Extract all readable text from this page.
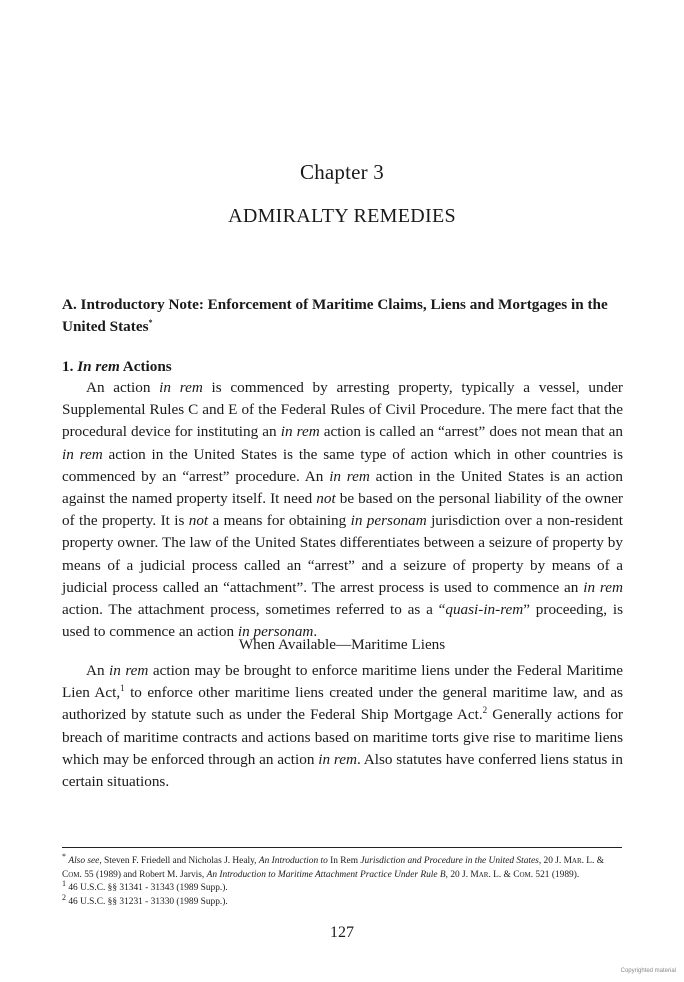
Chapter 3
ADMIRALTY REMEDIES
A. Introductory Note: Enforcement of Maritime Claims, Liens and Mortgages in the United States*
1. In rem Actions
An action in rem is commenced by arresting property, typically a vessel, under Supplemental Rules C and E of the Federal Rules of Civil Procedure. The mere fact that the procedural device for instituting an in rem action is called an “arrest” does not mean that an in rem action in the United States is the same type of action which in other countries is commenced by an “arrest” procedure. An in rem action in the United States is an action against the named property itself. It need not be based on the personal liability of the owner of the property. It is not a means for obtaining in personam jurisdiction over a non-resident property owner. The law of the United States differentiates between a seizure of property by means of a judicial process called an “arrest” and a seizure of property by means of a judicial process called an “attachment”. The arrest process is used to commence an in rem action. The attachment process, sometimes referred to as a “quasi-in-rem” proceeding, is used to commence an action in personam.
When Available—Maritime Liens
An in rem action may be brought to enforce maritime liens under the Federal Maritime Lien Act,$^1$ to enforce other maritime liens created under the general maritime law, and as authorized by statute such as under the Federal Ship Mortgage Act.$^2$ Generally actions for breach of maritime contracts and actions based on maritime torts give rise to maritime liens which may be enforced through an action in rem. Also statutes have conferred liens status in certain situations.
* Also see, Steven F. Friedell and Nicholas J. Healy, An Introduction to In Rem Jurisdiction and Procedure in the United States, 20 J. Mar. L. & Com. 55 (1989) and Robert M. Jarvis, An Introduction to Maritime Attachment Practice Under Rule B, 20 J. Mar. L. & Com. 521 (1989).
$^1$ 46 U.S.C. §§ 31341 - 31343 (1989 Supp.).
$^2$ 46 U.S.C. §§ 31231 - 31330 (1989 Supp.).
127
Copyrighted material
